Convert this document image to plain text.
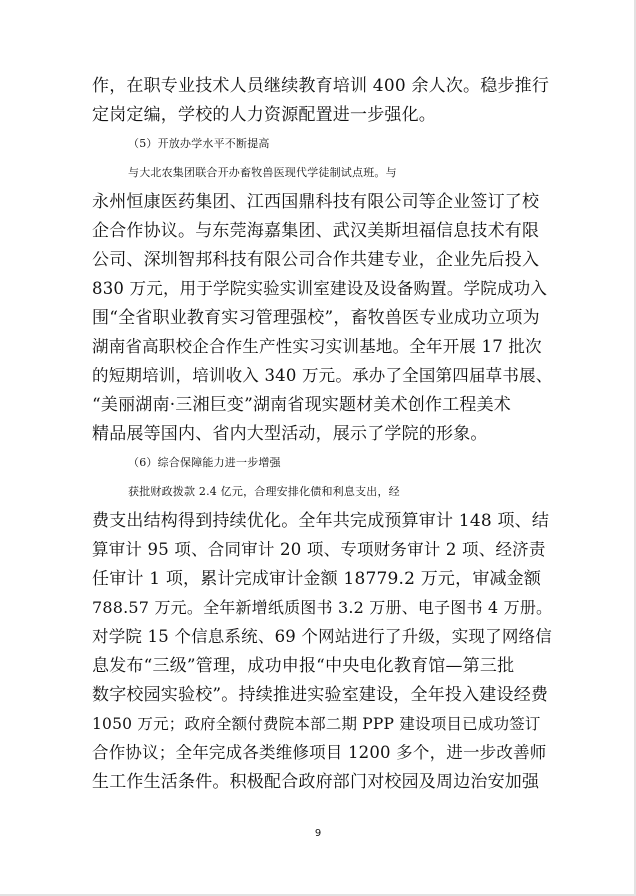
作，在职专业技术人员继续教育培训 400 余人次。稳步推行
定岗定编，学校的人力资源配置进一步强化。
（5）开放办学水平不断提高
与大北农集团联合开办畜牧兽医现代学徒制试点班。与
永州恒康医药集团、江西国鼎科技有限公司等企业签订了校
企合作协议。与东莞海嘉集团、武汉美斯坦福信息技术有限
公司、深圳智邦科技有限公司合作共建专业，企业先后投入
830 万元，用于学院实验实训室建设及设备购置。学院成功入
围“全省职业教育实习管理强校”，畜牧兽医专业成功立项为
湖南省高职校企合作生产性实习实训基地。全年开展 17 批次
的短期培训，培训收入 340 万元。承办了全国第四届草书展、
“美丽湖南·三湘巨变”湖南省现实题材美术创作工程美术
精品展等国内、省内大型活动，展示了学院的形象。
（6）综合保障能力进一步增强
获批财政拨款 2.4 亿元，合理安排化债和利息支出，经
费支出结构得到持续优化。全年共完成预算审计 148 项、结
算审计 95 项、合同审计 20 项、专项财务审计 2 项、经济责
任审计 1 项，累计完成审计金额 18779.2 万元，审减金额
788.57 万元。全年新增纸质图书 3.2 万册、电子图书 4 万册。
对学院 15 个信息系统、69 个网站进行了升级，实现了网络信
息发布“三级”管理，成功申报“中央电化教育馆—第三批
数字校园实验校”。持续推进实验室建设，全年投入建设经费
1050 万元；政府全额付费院本部二期 PPP 建设项目已成功签订
合作协议；全年完成各类维修项目 1200 多个，进一步改善师
生工作生活条件。积极配合政府部门对校园及周边治安加强
9
